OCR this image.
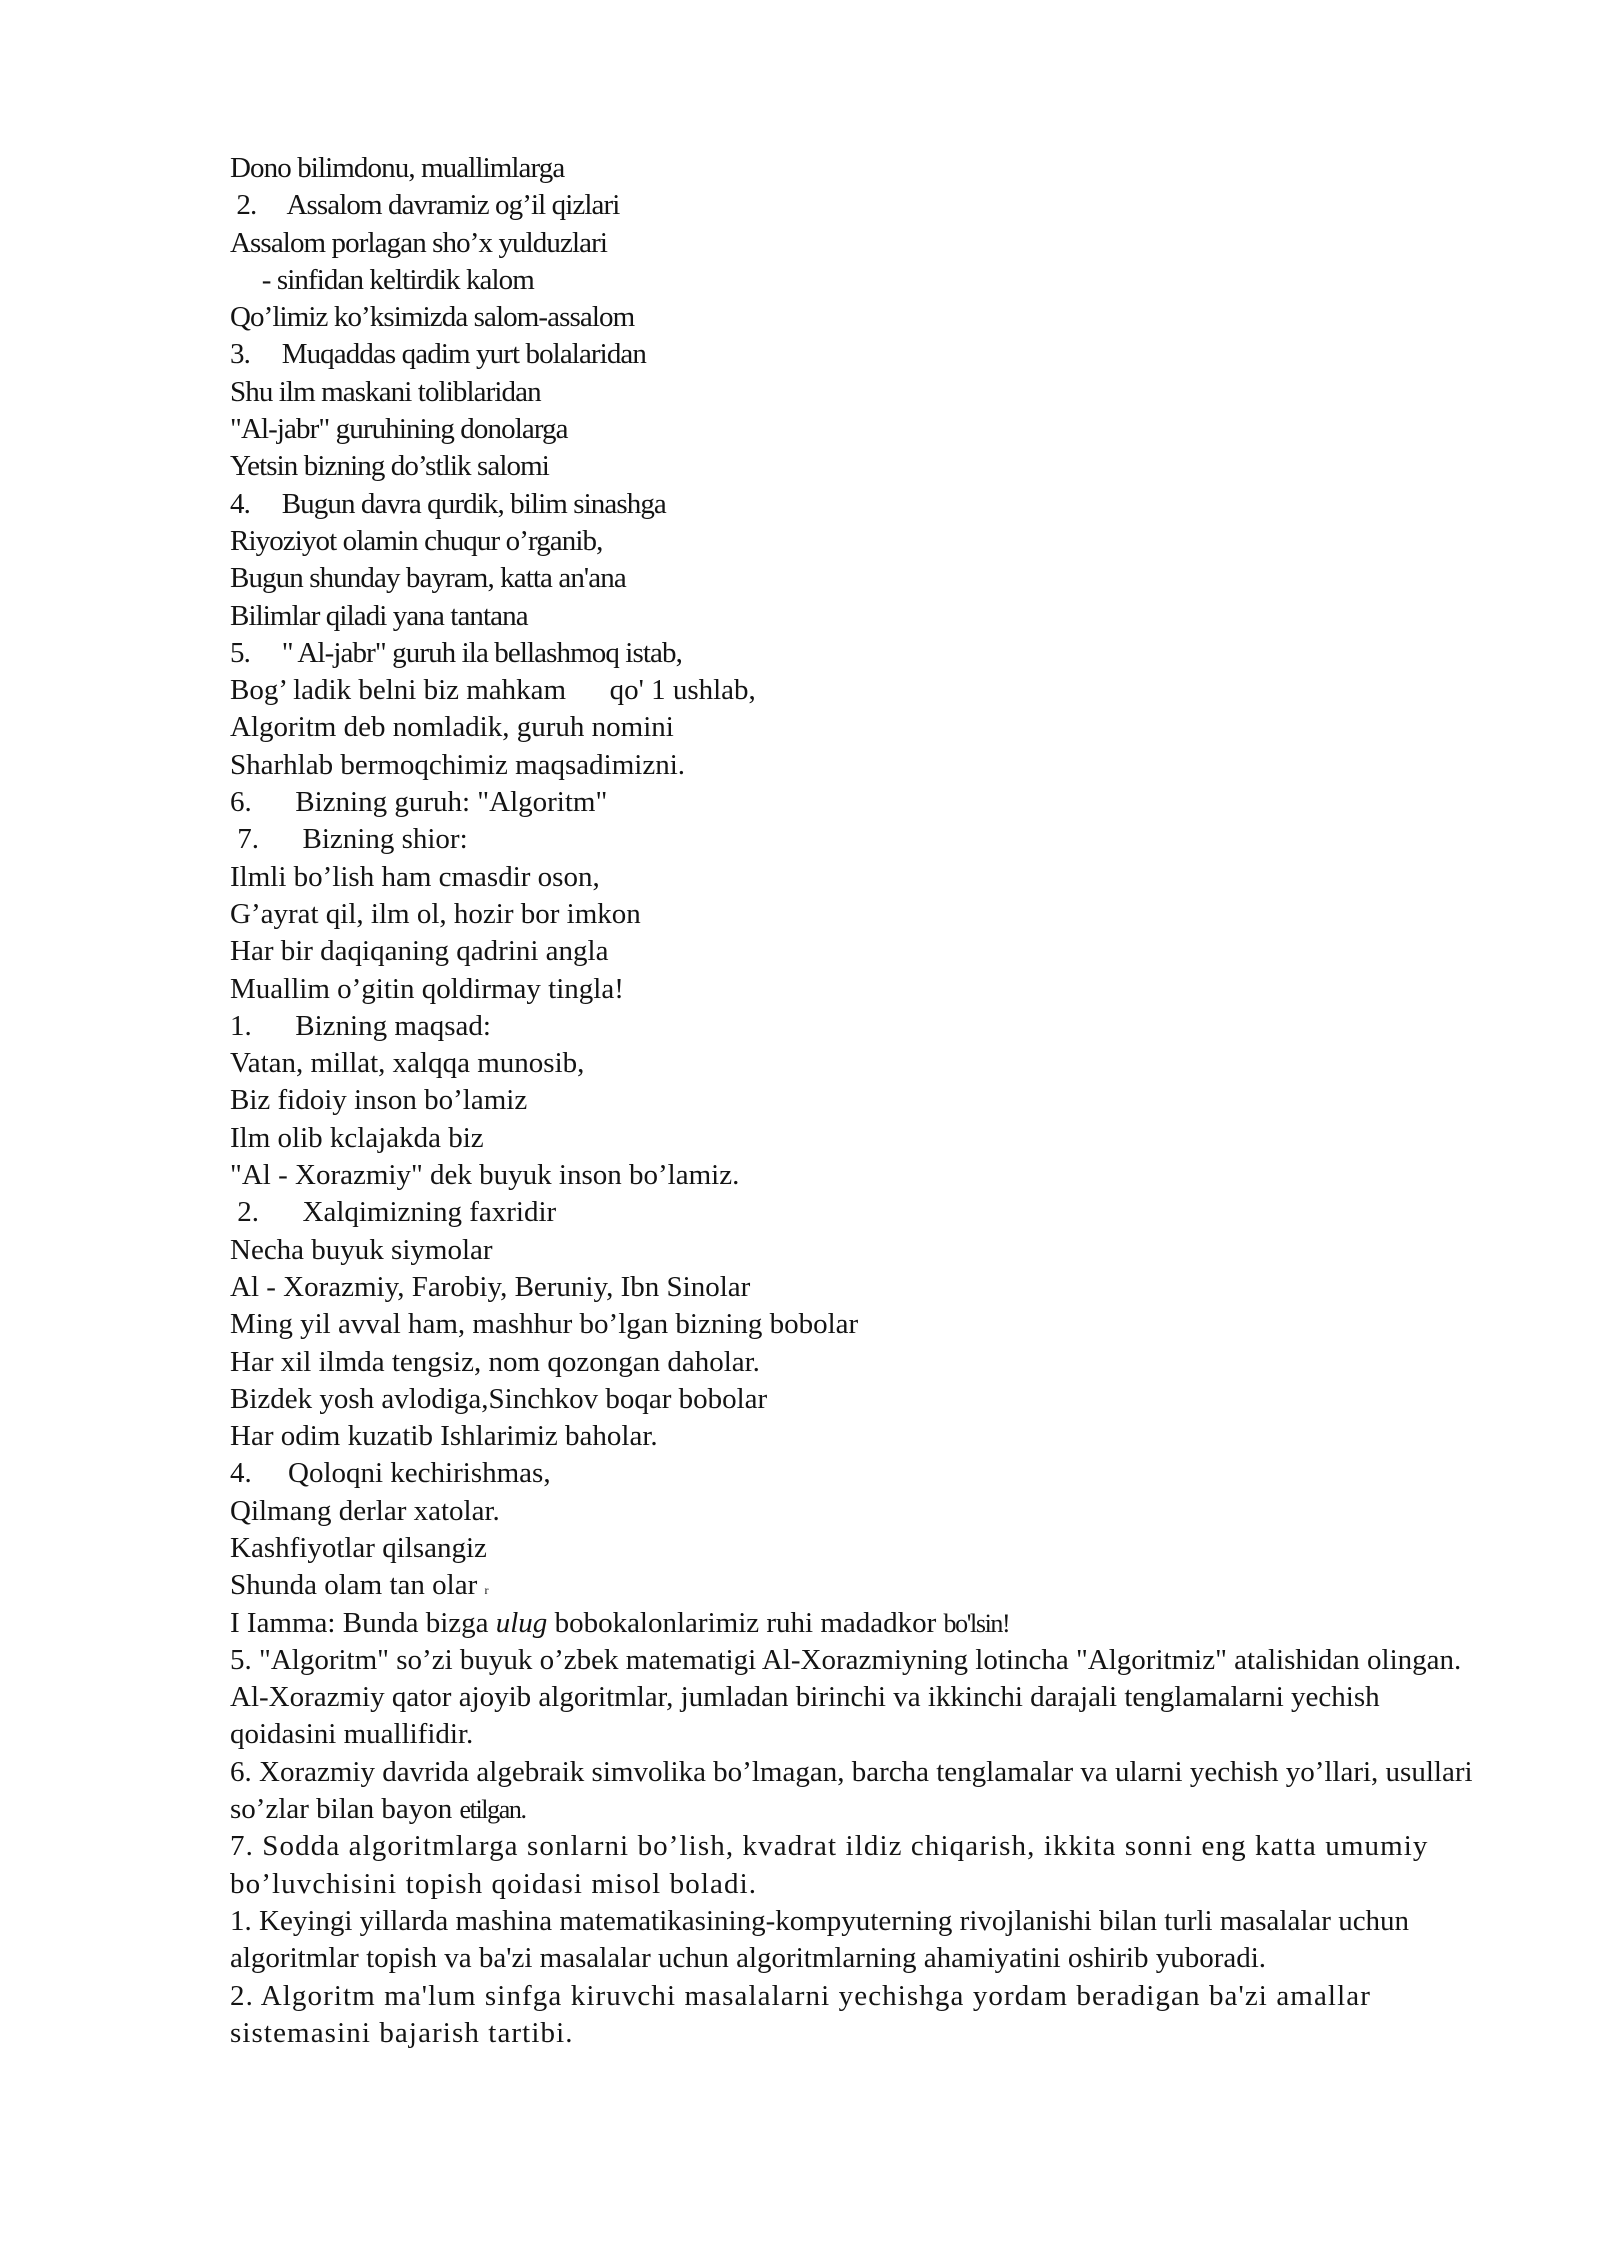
Dono bilimdonu, muallimlarga

2.     Assalom davramiz og’il qizlari

Assalom porlagan sho’x yulduzlari

- sinfidan keltirdik kalom

Qo’limiz ko’ksimizda salom-assalom

3.     Muqaddas qadim yurt bolalaridan

Shu ilm maskani toliblaridan

"Al-jabr" guruhining donolarga

Yetsin bizning do’stlik salomi

4.     Bugun davra qurdik, bilim sinashga

Riyoziyot olamin chuqur o’rganib,

Bugun shunday bayram, katta an'ana

Bilimlar qiladi yana tantana

5.     " Al-jabr" guruh ila bellashmoq istab,

Bog’ ladik belni biz mahkam      qo' 1 ushlab,

Algoritm deb nomladik, guruh nomini

Sharhlab bermoqchimiz maqsadimizni.

6.      Bizning guruh: "Algoritm"

7.      Bizning shior:

Ilmli bo’lish ham cmasdir oson,

G’ayrat qil, ilm ol, hozir bor imkon

Har bir daqiqaning qadrini angla

Muallim o’gitin qoldirmay tingla!

1.      Bizning maqsad:

Vatan, millat, xalqqa munosib,

Biz fidoiy inson bo’lamiz

Ilm olib kclajakda biz

"Al - Xorazmiy" dek buyuk inson bo’lamiz.

2.      Xalqimizning faxridir

Necha buyuk siymolar

Al - Xorazmiy, Farobiy, Beruniy, Ibn Sinolar

Ming yil avval ham, mashhur bo’lgan bizning bobolar

Har xil ilmda tengsiz, nom qozongan daholar.

Bizdek yosh avlodiga,Sinchkov boqar bobolar

Har odim kuzatib Ishlarimiz baholar.

4.     Qoloqni kechirishmas,

Qilmang derlar xatolar.

Kashfiyotlar qilsangiz

Shunda olam tan olar r

I Iamma: Bunda bizga ulug bobokalonlarimiz ruhi madadkor bo'lsin!

5. "Algoritm" so’zi buyuk o’zbek matematigi Al-Xorazmiyning lotincha "Algoritmiz" atalishidan olingan. Al-Xorazmiy qator ajoyib algoritmlar, jumladan birinchi va ikkinchi darajali tenglamalarni yechish qoidasini muallifidir.

6. Xorazmiy davrida algebraik simvolika bo’lmagan, barcha tenglamalar va ularni yechish yo’llari, usullari so’zlar bilan bayon etilgan.

7. Sodda algoritmlarga sonlarni bo’lish, kvadrat ildiz chiqarish, ikkita sonni eng katta umumiy bo’luvchisini topish qoidasi misol boladi.

1. Keyingi yillarda mashina matematikasining-kompyuterning rivojlanishi bilan turli masalalar uchun algoritmlar topish va ba'zi masalalar uchun algoritmlarning ahamiyatini oshirib yuboradi.

2. Algoritm ma'lum sinfga kiruvchi masalalarni yechishga yordam beradigan ba'zi amallar sistemasini bajarish tartibi.
